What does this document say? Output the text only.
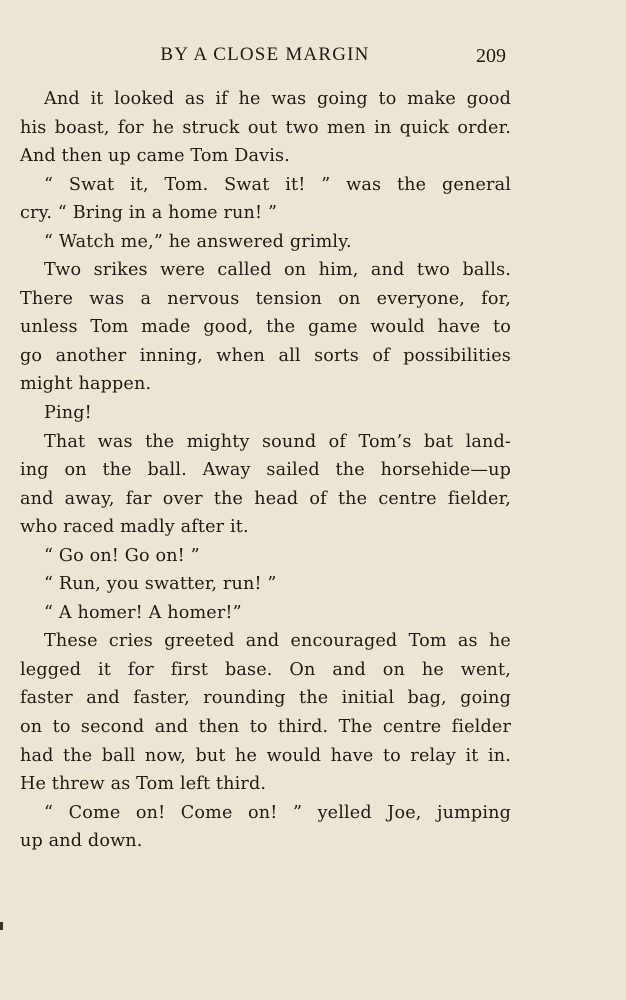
BY A CLOSE MARGIN	209
And it looked as if he was going to make good
his boast, for he struck out two men in quick order.
And then up came Tom Davis.
“ Swat it, Tom. Swat it! ” was the general
cry. “ Bring in a home run! ”
“ Watch me,” he answered grimly.
Two srikes were called on him, and two balls.
There was a nervous tension on everyone, for,
unless Tom made good, the game would have to
go another inning, when all sorts of possibilities
might happen.
Ping!
That was the mighty sound of Tom’s bat land-
ing on the ball. Away sailed the horsehide—up
and away, far over the head of the centre fielder,
who raced madly after it.
“ Go on! Go on! ”
“ Run, you swatter, run! ”
“ A homer! A homer!”
These cries greeted and encouraged Tom as he
legged it for first base. On and on he went,
faster and faster, rounding the initial bag, going
on to second and then to third. The centre fielder
had the ball now, but he would have to relay it in.
He threw as Tom left third.
“ Come on! Come on! ” yelled Joe, jumping
up and down.
